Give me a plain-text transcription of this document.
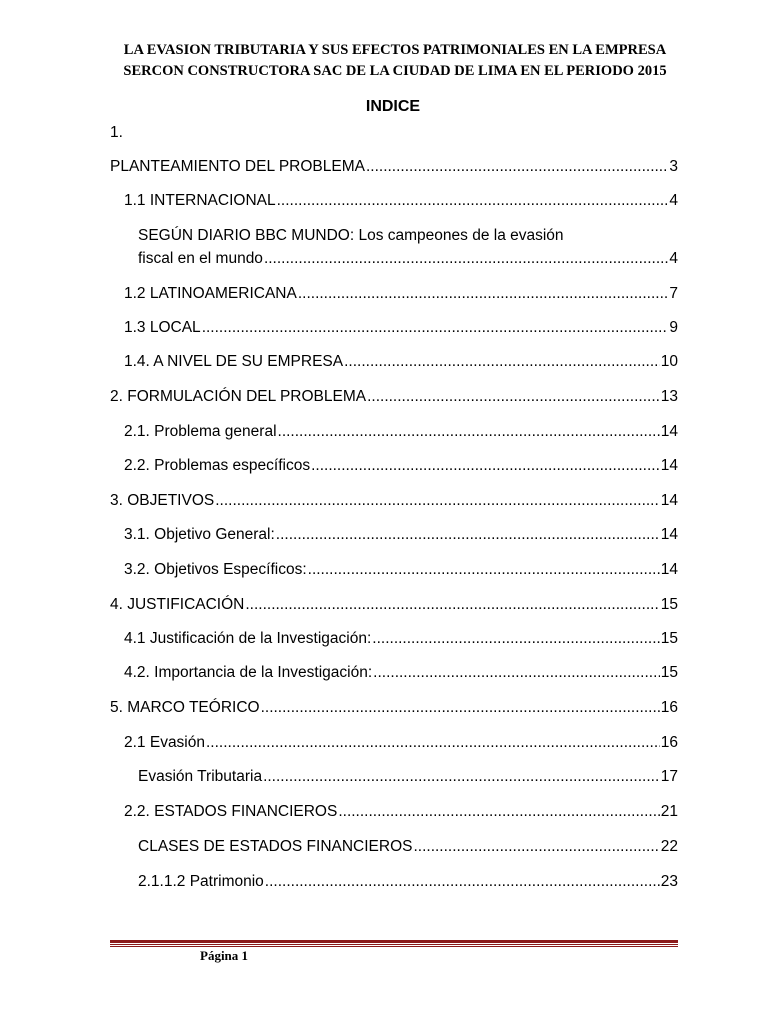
LA EVASION TRIBUTARIA Y SUS EFECTOS PATRIMONIALES EN LA EMPRESA
SERCON CONSTRUCTORA SAC DE LA CIUDAD DE LIMA EN EL PERIODO 2015
INDICE
1.
PLANTEAMIENTO DEL PROBLEMA .....	3
1.1 INTERNACIONAL .....	4
SEGÚN DIARIO BBC MUNDO: Los campeones de la evasión
fiscal en el mundo .....	4
1.2 LATINOAMERICANA .....	7
1.3 LOCAL .....	9
1.4. A NIVEL DE SU EMPRESA .....	10
2. FORMULACIÓN DEL PROBLEMA .....	13
2.1. Problema general .....	14
2.2. Problemas específicos .....	14
3. OBJETIVOS .....	14
3.1. Objetivo General: .....	14
3.2. Objetivos Específicos: .....	14
4. JUSTIFICACIÓN .....	15
4.1 Justificación de la Investigación: .....	15
4.2. Importancia de la Investigación: .....	15
5. MARCO TEÓRICO .....	16
2.1 Evasión .....	16
Evasión Tributaria .....	17
2.2. ESTADOS FINANCIEROS .....	21
CLASES DE ESTADOS FINANCIEROS .....	22
2.1.1.2 Patrimonio .....	23
Página 1
